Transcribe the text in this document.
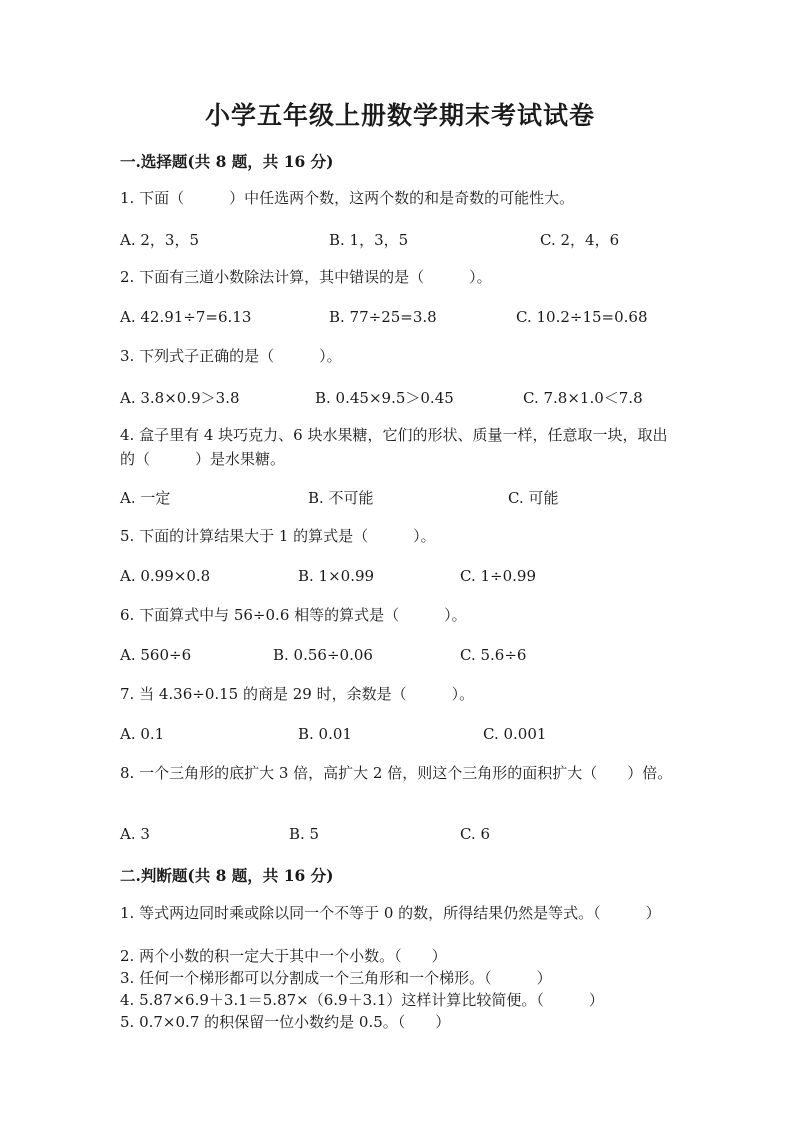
小学五年级上册数学期末考试试卷
一.选择题(共 8 题，共 16 分)
1. 下面（　　　）中任选两个数，这两个数的和是奇数的可能性大。
A. 2，3，5	B. 1，3，5	C. 2，4，6
2. 下面有三道小数除法计算，其中错误的是（　　　）。
A. 42.91÷7=6.13	B. 77÷25=3.8	C. 10.2÷15=0.68
3. 下列式子正确的是（　　　）。
A. 3.8×0.9＞3.8	B. 0.45×9.5＞0.45	C. 7.8×1.0＜7.8
4. 盒子里有 4 块巧克力、6 块水果糖，它们的形状、质量一样，任意取一块，取出的（　　　）是水果糖。
A. 一定	B. 不可能	C. 可能
5. 下面的计算结果大于 1 的算式是（　　　）。
A. 0.99×0.8	B. 1×0.99	C. 1÷0.99
6. 下面算式中与 56÷0.6 相等的算式是（　　　）。
A. 560÷6	B. 0.56÷0.06	C. 5.6÷6
7. 当 4.36÷0.15 的商是 29 时，余数是（　　　）。
A. 0.1	B. 0.01	C. 0.001
8. 一个三角形的底扩大 3 倍，高扩大 2 倍，则这个三角形的面积扩大（　　）倍。
A. 3	B. 5	C. 6
二.判断题(共 8 题，共 16 分)
1. 等式两边同时乘或除以同一个不等于 0 的数，所得结果仍然是等式。（　　　）
2. 两个小数的积一定大于其中一个小数。（　　）
3. 任何一个梯形都可以分割成一个三角形和一个梯形。（　　　）
4. 5.87×6.9＋3.1＝5.87×（6.9＋3.1）这样计算比较简便。（　　　）
5. 0.7×0.7 的积保留一位小数约是 0.5。（　　）
